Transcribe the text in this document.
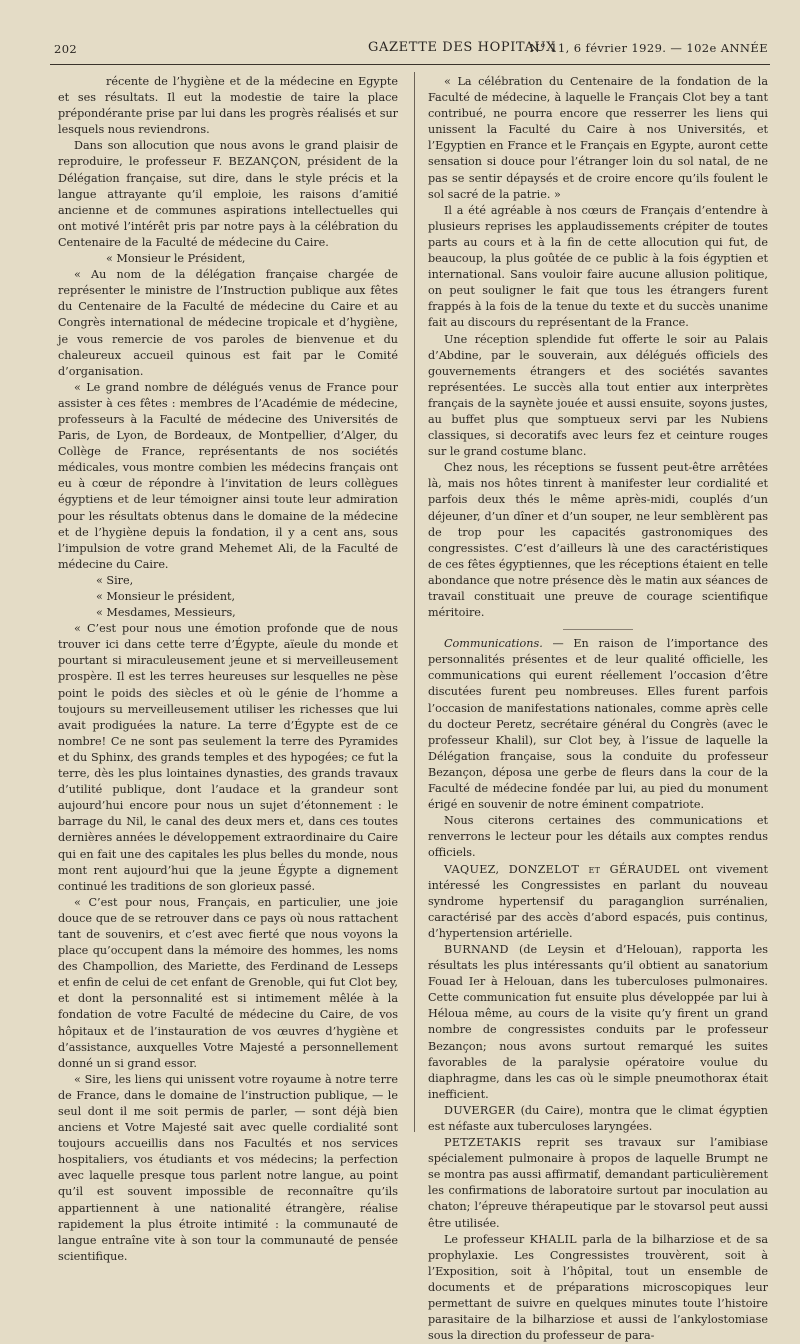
202	GAZETTE DES HOPITAUX
N° 11, 6 février 1929. — 102e ANNÉE

récente de l’hygiène et de la médecine en Egypte et ses résultats. Il eut la modestie de taire la place prépondérante prise par lui dans les progrès réalisés et sur lesquels nous reviendrons.

Dans son allocution que nous avons le grand plaisir de reproduire, le professeur F. BEZANÇON, président de la Délégation française, sut dire, dans le style précis et la langue attrayante qu’il emploie, les raisons d’amitié ancienne et de communes aspirations intellectuelles qui ont motivé l’intérêt pris par notre pays à la célébration du Centenaire de la Faculté de médecine du Caire.

« Monsieur le Président,

« Au nom de la délégation française chargée de représenter le ministre de l’Instruction publique aux fêtes du Centenaire de la Faculté de médecine du Caire et au Congrès international de médecine tropicale et d’hygiène, je vous remercie de vos paroles de bienvenue et du chaleureux accueil quinous est fait par le Comité d’organisation.

« Le grand nombre de délégués venus de France pour assister à ces fêtes : membres de l’Académie de médecine, professeurs à la Faculté de médecine des Universités de Paris, de Lyon, de Bordeaux, de Montpellier, d’Alger, du Collège de France, représentants de nos sociétés médicales, vous montre combien les médecins français ont eu à cœur de répondre à l’invitation de leurs collègues égyptiens et de leur témoigner ainsi toute leur admiration pour les résultats obtenus dans le domaine de la médecine et de l’hygiène depuis la fondation, il y a cent ans, sous l’impulsion de votre grand Mehemet Ali, de la Faculté de médecine du Caire.

« Sire,

« Monsieur le président,

« Mesdames, Messieurs,

« C’est pour nous une émotion profonde que de nous trouver ici dans cette terre d’Égypte, aïeule du monde et pourtant si miraculeusement jeune et si merveilleusement prospère. Il est les terres heureuses sur lesquelles ne pèse point le poids des siècles et où le génie de l’homme a toujours su merveilleusement utiliser les richesses que lui avait prodiguées la nature. La terre d’Égypte est de ce nombre! Ce ne sont pas seulement la terre des Pyramides et du Sphinx, des grands temples et des hypogées; ce fut la terre, dès les plus lointaines dynasties, des grands travaux d’utilité publique, dont l’audace et la grandeur sont aujourd’hui encore pour nous un sujet d’étonnement : le barrage du Nil, le canal des deux mers et, dans ces toutes dernières années le développement extraordinaire du Caire qui en fait une des capitales les plus belles du monde, nous mont rent aujourd’hui que la jeune Égypte a dignement continué les traditions de son glorieux passé.

« C’est pour nous, Français, en particulier, une joie douce que de se retrouver dans ce pays où nous rattachent tant de souvenirs, et c’est avec fierté que nous voyons la place qu’occupent dans la mémoire des hommes, les noms des Champollion, des Mariette, des Ferdinand de Lesseps et enfin de celui de cet enfant de Grenoble, qui fut Clot bey, et dont la personnalité est si intimement mêlée à la fondation de votre Faculté de médecine du Caire, de vos hôpitaux et de l’instauration de vos œuvres d’hygiène et d’assistance, auxquelles Votre Majesté a personnellement donné un si grand essor.

« Sire, les liens qui unissent votre royaume à notre terre de France, dans le domaine de l’instruction publique, — le seul dont il me soit permis de parler, — sont déjà bien anciens et Votre Majesté sait avec quelle cordialité sont toujours accueillis dans nos Facultés et nos services hospitaliers, vos étudiants et vos médecins; la perfection avec laquelle presque tous parlent notre langue, au point qu’il est souvent impossible de reconnaître qu’ils appartiennent à une nationalité étrangère, réalise rapidement la plus étroite intimité : la communauté de langue entraîne vite à son tour la communauté de pensée scientifique.

« La célébration du Centenaire de la fondation de la Faculté de médecine, à laquelle le Français Clot bey a tant contribué, ne pourra encore que resserrer les liens qui unissent la Faculté du Caire à nos Universités, et l’Egyptien en France et le Français en Egypte, auront cette sensation si douce pour l’étranger loin du sol natal, de ne pas se sentir dépaysés et de croire encore qu’ils foulent le sol sacré de la patrie. »

Il a été agréable à nos cœurs de Français d’entendre à plusieurs reprises les applaudissements crépiter de toutes parts au cours et à la fin de cette allocution qui fut, de beaucoup, la plus goûtée de ce public à la fois égyptien et international. Sans vouloir faire aucune allusion politique, on peut souligner le fait que tous les étrangers furent frappés à la fois de la tenue du texte et du succès unanime fait au discours du représentant de la France.

Une réception splendide fut offerte le soir au Palais d’Abdine, par le souverain, aux délégués officiels des gouvernements étrangers et des sociétés savantes représentées. Le succès alla tout entier aux interprètes français de la saynète jouée et aussi ensuite, soyons justes, au buffet plus que somptueux servi par les Nubiens classiques, si decoratifs avec leurs fez et ceinture rouges sur le grand costume blanc.

Chez nous, les réceptions se fussent peut-être arrêtées là, mais nos hôtes tinrent à manifester leur cordialité et parfois deux thés le même après-midi, couplés d’un déjeuner, d’un dîner et d’un souper, ne leur semblèrent pas de trop pour les capacités gastronomiques des congressistes. C’est d’ailleurs là une des caractéristiques de ces fêtes égyptiennes, que les réceptions étaient en telle abondance que notre présence dès le matin aux séances de travail constituait une preuve de courage scientifique méritoire.

Communications. — En raison de l’importance des personnalités présentes et de leur qualité officielle, les communications qui eurent réellement l’occasion d’être discutées furent peu nombreuses. Elles furent parfois l’occasion de manifestations nationales, comme après celle du docteur Peretz, secrétaire général du Congrès (avec le professeur Khalil), sur Clot bey, à l’issue de laquelle la Délégation française, sous la conduite du professeur Bezançon, déposa une gerbe de fleurs dans la cour de la Faculté de médecine fondée par lui, au pied du monument érigé en souvenir de notre éminent compatriote.

Nous citerons certaines des communications et renverrons le lecteur pour les détails aux comptes rendus officiels.

VAQUEZ, DONZELOT et GÉRAUDEL ont vivement intéressé les Congressistes en parlant du nouveau syndrome hypertensif du paraganglion surrénalien, caractérisé par des accès d’abord espacés, puis continus, d’hypertension artérielle.

BURNAND (de Leysin et d’Helouan), rapporta les résultats les plus intéressants qu’il obtient au sanatorium Fouad Ier à Helouan, dans les tuberculoses pulmonaires. Cette communication fut ensuite plus développée par lui à Héloua même, au cours de la visite qu’y firent un grand nombre de congressistes conduits par le professeur Bezançon; nous avons surtout remarqué les suites favorables de la paralysie opératoire voulue du diaphragme, dans les cas où le simple pneumothorax était inefficient.

DUVERGER (du Caire), montra que le climat égyptien est néfaste aux tuberculoses laryngées.

PETZETAKIS reprit ses travaux sur l’amibiase spécialement pulmonaire à propos de laquelle Brumpt ne se montra pas aussi affirmatif, demandant particulièrement les confirmations de laboratoire surtout par inoculation au chaton; l’épreuve thérapeutique par le stovarsol peut aussi être utilisée.

Le professeur KHALIL parla de la bilharziose et de sa prophylaxie. Les Congressistes trouvèrent, soit à l’Exposition, soit à l’hôpital, tout un ensemble de documents et de préparations microscopiques leur permettant de suivre en quelques minutes toute l’histoire parasitaire de la bilharziose et aussi de l’ankylostomiase sous la direction du professeur de para-
